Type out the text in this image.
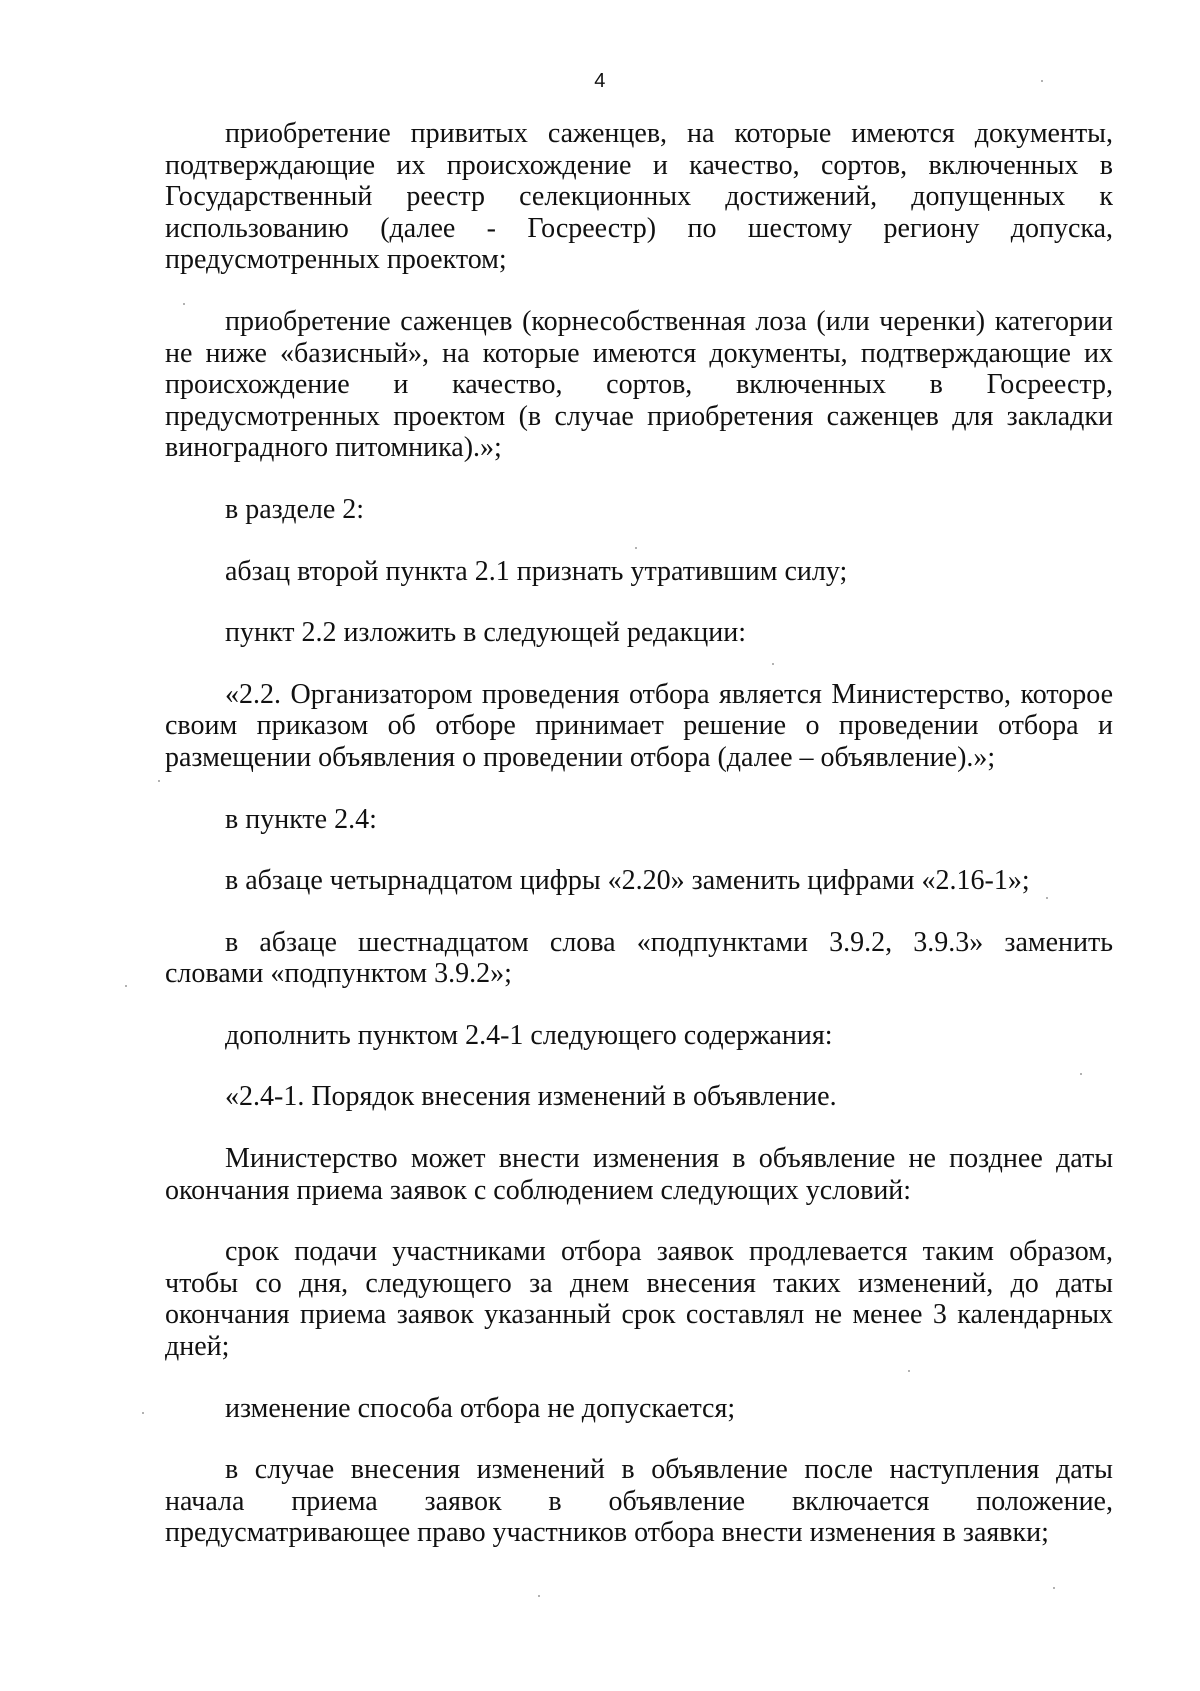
4

приобретение привитых саженцев, на которые имеются документы, подтверждающие их происхождение и качество, сортов, включенных в Государственный реестр селекционных достижений, допущенных к использованию (далее - Госреестр) по шестому региону допуска, предусмотренных проектом;

приобретение саженцев (корнесобственная лоза (или черенки) категории не ниже «базисный», на которые имеются документы, подтверждающие их происхождение и качество, сортов, включенных в Госреестр, предусмотренных проектом (в случае приобретения саженцев для закладки виноградного питомника).»;

в разделе 2:

абзац второй пункта 2.1 признать утратившим силу;

пункт 2.2 изложить в следующей редакции:

«2.2. Организатором проведения отбора является Министерство, которое своим приказом об отборе принимает решение о проведении отбора и размещении объявления о проведении отбора (далее – объявление).»;

в пункте 2.4:

в абзаце четырнадцатом цифры «2.20» заменить цифрами «2.16-1»;

в абзаце шестнадцатом слова «подпунктами 3.9.2, 3.9.3» заменить словами «подпунктом 3.9.2»;

дополнить пунктом 2.4-1 следующего содержания:

«2.4-1. Порядок внесения изменений в объявление.

Министерство может внести изменения в объявление не позднее даты окончания приема заявок с соблюдением следующих условий:

срок подачи участниками отбора заявок продлевается таким образом, чтобы со дня, следующего за днем внесения таких изменений, до даты окончания приема заявок указанный срок составлял не менее 3 календарных дней;

изменение способа отбора не допускается;

в случае внесения изменений в объявление после наступления даты начала приема заявок в объявление включается положение, предусматривающее право участников отбора внести изменения в заявки;
